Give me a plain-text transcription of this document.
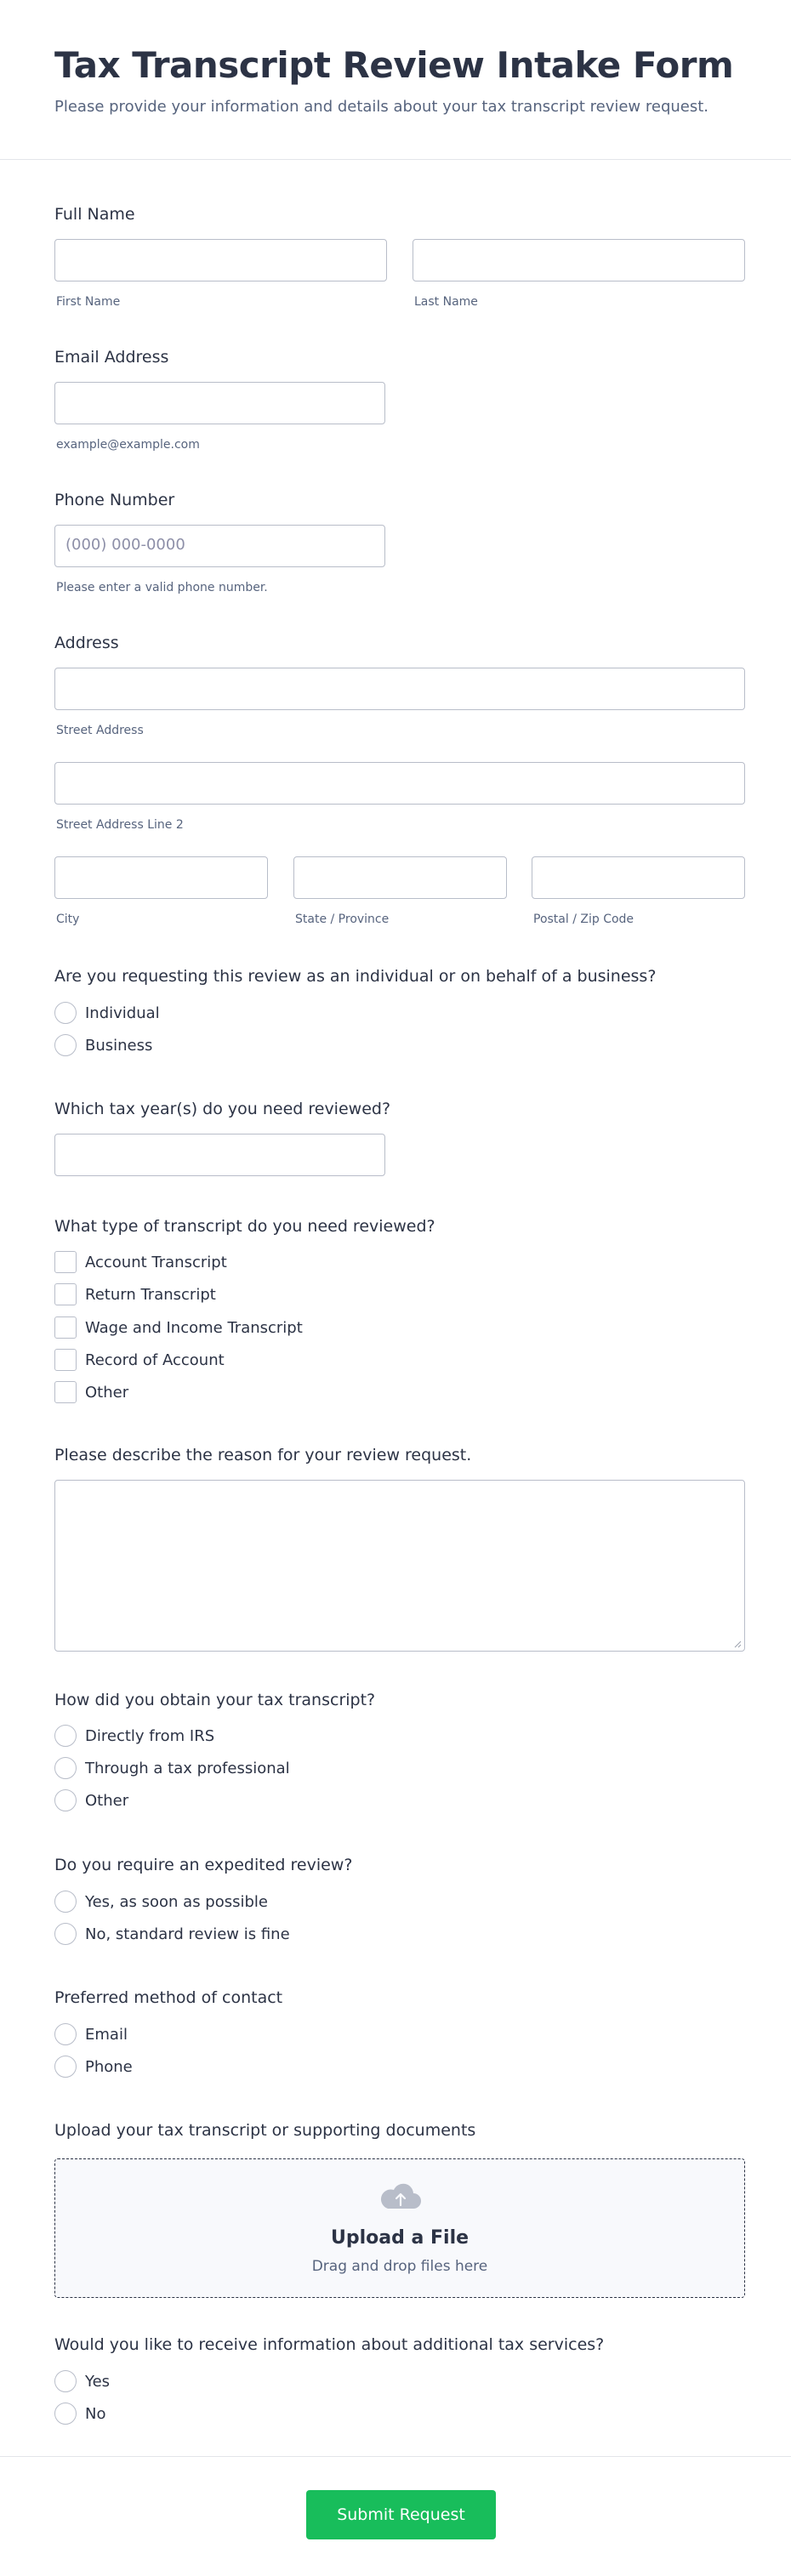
Tax Transcript Review Intake Form
Please provide your information and details about your tax transcript review request.
Full Name
First Name	Last Name
Email Address
example@example.com
Phone Number
(000) 000-0000
Please enter a valid phone number.
Address
Street Address
Street Address Line 2
City	State / Province	Postal / Zip Code
Are you requesting this review as an individual or on behalf of a business?
Individual
Business
Which tax year(s) do you need reviewed?
What type of transcript do you need reviewed?
Account Transcript
Return Transcript
Wage and Income Transcript
Record of Account
Other
Please describe the reason for your review request.
How did you obtain your tax transcript?
Directly from IRS
Through a tax professional
Other
Do you require an expedited review?
Yes, as soon as possible
No, standard review is fine
Preferred method of contact
Email
Phone
Upload your tax transcript or supporting documents
Upload a File
Drag and drop files here
Would you like to receive information about additional tax services?
Yes
No
Submit Request
